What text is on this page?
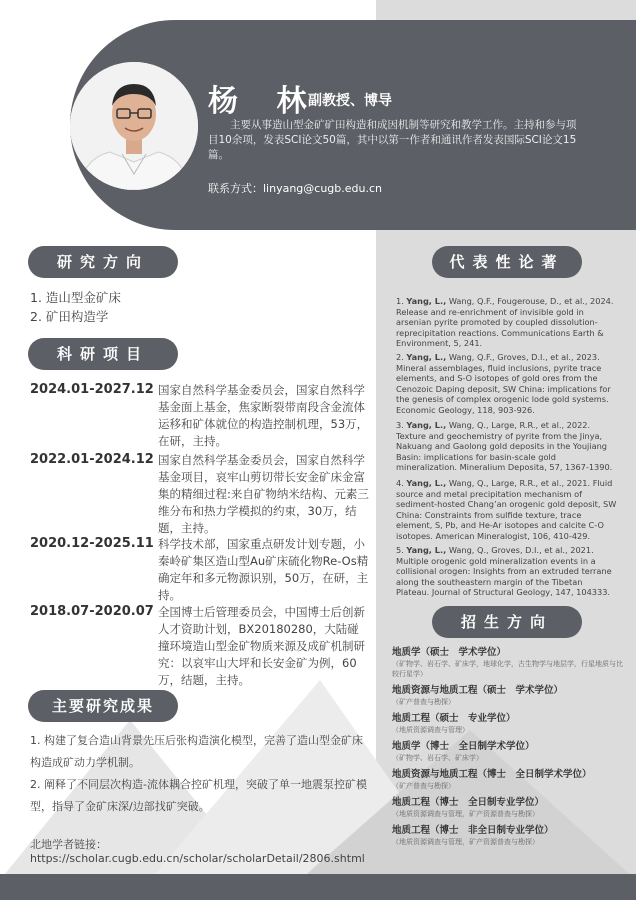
杨 林
副教授、博导
主要从事造山型金矿矿田构造和成因机制等研究和教学工作。主持和参与项目10余项，发表SCI论文50篇，其中以第一作者和通讯作者发表国际SCI论文15篇。
联系方式：linyang@cugb.edu.cn
研究方向
1. 造山型金矿床
2. 矿田构造学
科研项目
2024.01-2027.12 国家自然科学基金委员会，国家自然科学基金面上基金，焦家断裂带南段含金流体运移和矿体就位的构造控制机理，53万，在研，主持。
2022.01-2024.12 国家自然科学基金委员会，国家自然科学基金项目，哀牢山剪切带长安金矿床金富集的精细过程:来自矿物纳米结构、元素三维分布和热力学模拟的约束，30万，结题，主持。
2020.12-2025.11 科学技术部，国家重点研发计划专题，小秦岭矿集区造山型Au矿床硫化物Re-Os精确定年和多元物源识别，50万，在研，主持。
2018.07-2020.07 全国博士后管理委员会，中国博士后创新人才资助计划，BX20180280，大陆碰撞环境造山型金矿物质来源及成矿机制研究：以哀牢山大坪和长安金矿为例，60万，结题，主持。
主要研究成果
1. 构建了复合造山背景先压后张构造演化模型，完善了造山型金矿床构造成矿动力学机制。
2. 阐释了不同层次构造-流体耦合控矿机理，突破了单一地震泵控矿模型，指导了金矿床深/边部找矿突破。
北地学者链接：
https://scholar.cugb.edu.cn/scholar/scholarDetail/2806.shtml
代表性论著
1. Yang, L., Wang, Q.F., Fougerouse, D., et al., 2024. Release and re-enrichment of invisible gold in arsenian pyrite promoted by coupled dissolution-reprecipitation reactions. Communications Earth & Environment, 5, 241.
2. Yang, L., Wang, Q.F., Groves, D.I., et al., 2023. Mineral assemblages, fluid inclusions, pyrite trace elements, and S-O isotopes of gold ores from the Cenozoic Daping deposit, SW China: implications for the genesis of complex orogenic lode gold systems. Economic Geology, 118, 903-926.
3. Yang, L., Wang, Q., Large, R.R., et al., 2022. Texture and geochemistry of pyrite from the Jinya, Nakuang and Gaolong gold deposits in the Youjiang Basin: implications for basin-scale gold mineralization. Mineralium Deposita, 57, 1367-1390.
4. Yang, L., Wang, Q., Large, R.R., et al., 2021. Fluid source and metal precipitation mechanism of sediment-hosted Chang’an orogenic gold deposit, SW China: Constraints from sulfide texture, trace element, S, Pb, and He-Ar isotopes and calcite C-O isotopes. American Mineralogist, 106, 410-429.
5. Yang, L., Wang, Q., Groves, D.I., et al., 2021. Multiple orogenic gold mineralization events in a collisional orogen: Insights from an extruded terrane along the southeastern margin of the Tibetan Plateau. Journal of Structural Geology, 147, 104333.
招生方向
地质学（硕士　学术学位）
（矿物学、岩石学、矿床学，地球化学，古生物学与地层学，行星地质与比较行星学）
地质资源与地质工程（硕士　学术学位）
（矿产普查与勘探）
地质工程（硕士　专业学位）
（地质资源调查与管理）
地质学（博士　全日制学术学位）
（矿物学、岩石学、矿床学）
地质资源与地质工程（博士　全日制学术学位）
（矿产普查与勘探）
地质工程（博士　全日制专业学位）
（地质资源调查与管理，矿产资源普查与勘探）
地质工程（博士　非全日制专业学位）
（地质资源调查与管理，矿产资源普查与勘探）
